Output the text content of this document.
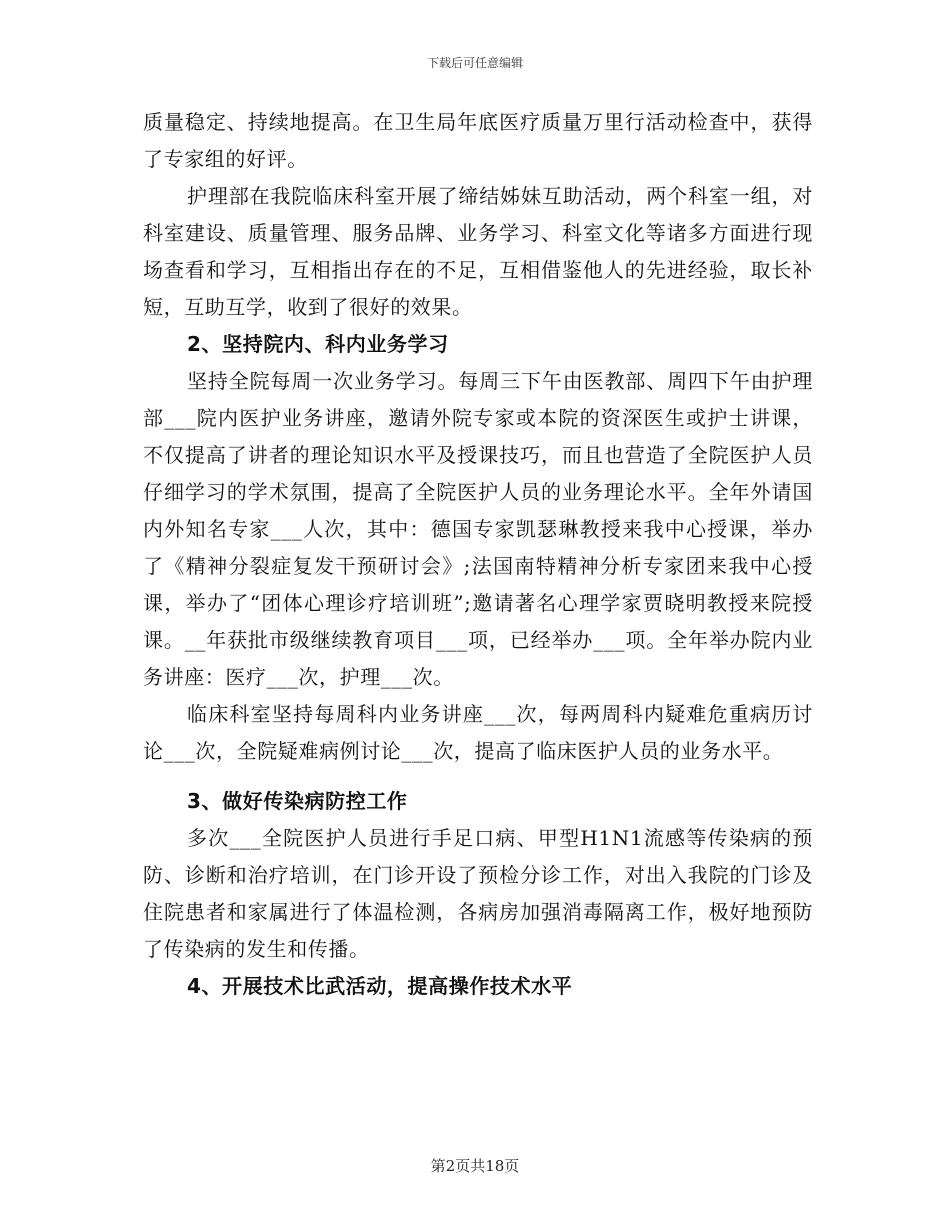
下载后可任意编辑

质量稳定、持续地提高。在卫生局年底医疗质量万里行活动检查中，获得了专家组的好评。

护理部在我院临床科室开展了缔结姊妹互助活动，两个科室一组，对科室建设、质量管理、服务品牌、业务学习、科室文化等诸多方面进行现场查看和学习，互相指出存在的不足，互相借鉴他人的先进经验，取长补短，互助互学，收到了很好的效果。

2、坚持院内、科内业务学习

坚持全院每周一次业务学习。每周三下午由医教部、周四下午由护理部___院内医护业务讲座，邀请外院专家或本院的资深医生或护士讲课，不仅提高了讲者的理论知识水平及授课技巧，而且也营造了全院医护人员仔细学习的学术氛围，提高了全院医护人员的业务理论水平。全年外请国内外知名专家___人次，其中：德国专家凯瑟琳教授来我中心授课，举办了《精神分裂症复发干预研讨会》;法国南特精神分析专家团来我中心授课，举办了“团体心理诊疗培训班”;邀请著名心理学家贾晓明教授来院授课。__年获批市级继续教育项目___项，已经举办___项。全年举办院内业务讲座：医疗___次，护理___次。

临床科室坚持每周科内业务讲座___次，每两周科内疑难危重病历讨论___次，全院疑难病例讨论___次，提高了临床医护人员的业务水平。

3、做好传染病防控工作

多次___全院医护人员进行手足口病、甲型H1N1流感等传染病的预防、诊断和治疗培训，在门诊开设了预检分诊工作，对出入我院的门诊及住院患者和家属进行了体温检测，各病房加强消毒隔离工作，极好地预防了传染病的发生和传播。

4、开展技术比武活动，提高操作技术水平
第2页共18页
